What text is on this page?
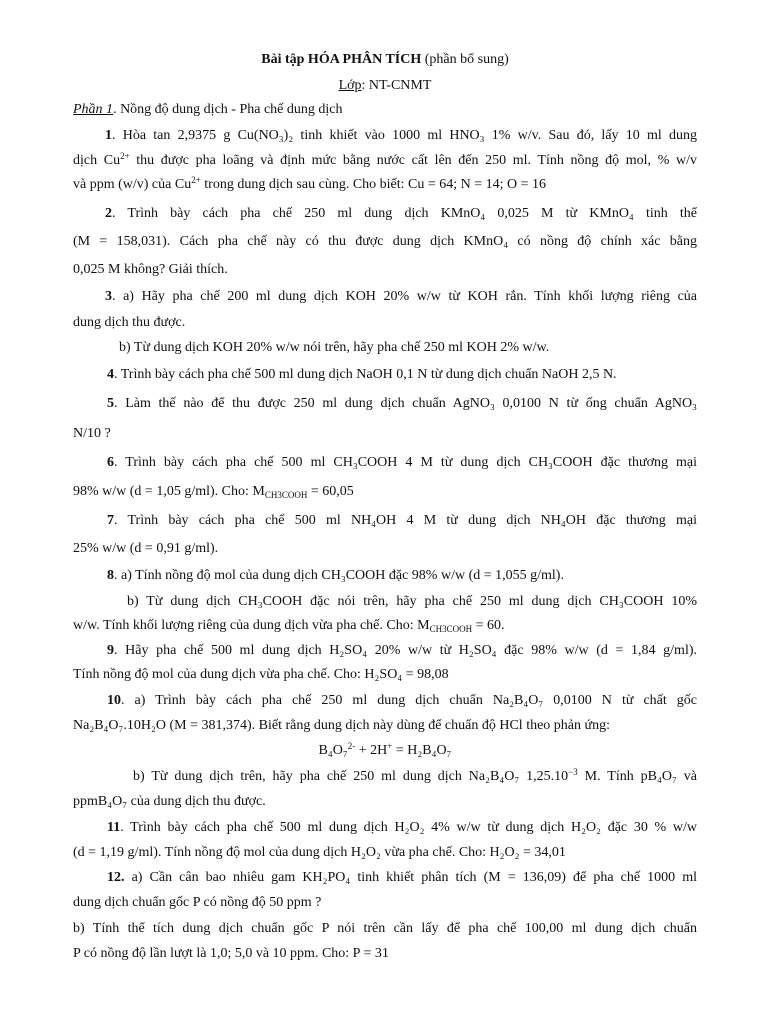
Bài tập HÓA PHÂN TÍCH (phần bổ sung)
Lớp: NT-CNMT
Phần 1. Nồng độ dung dịch - Pha chế dung dịch
1. Hòa tan 2,9375 g Cu(NO₃)₂ tinh khiết vào 1000 ml HNO₃ 1% w/v. Sau đó, lấy 10 ml dung
dịch $Cu^{2+}$ thu được pha loãng và định mức bằng nước cất lên đến 250 ml. Tính nồng độ mol, % w/v
và ppm (w/v) của $Cu^{2+}$ trong dung dịch sau cùng. Cho biết: Cu = 64; N = 14; O = 16
2. Trình bày cách pha chế 250 ml dung dịch KMnO₄ 0,025 M từ KMnO₄ tinh thể
(M = 158,031). Cách pha chế này có thu được dung dịch KMnO₄ có nồng độ chính xác bằng
0,025 M không? Giải thích.
3. a) Hãy pha chế 200 ml dung dịch KOH 20% w/w từ KOH rắn. Tính khối lượng riêng của
dung dịch thu được.
b) Từ dung dịch KOH 20% w/w nói trên, hãy pha chế 250 ml KOH 2% w/w.
4. Trình bày cách pha chế 500 ml dung dịch NaOH 0,1 N từ dung dịch chuẩn NaOH 2,5 N.
5. Làm thế nào để thu được 250 ml dung dịch chuẩn AgNO₃ 0,0100 N từ ống chuẩn AgNO₃
N/10 ?
6. Trình bày cách pha chế 500 ml CH₃COOH 4 M từ dung dịch CH₃COOH đặc thương mại
98% w/w (d = 1,05 g/ml). Cho: $M_{CH3COOH} = 60,05$
7. Trình bày cách pha chế 500 ml NH₄OH 4 M từ dung dịch NH₄OH đặc thương mại
25% w/w (d = 0,91 g/ml).
8. a) Tính nồng độ mol của dung dịch CH₃COOH đặc 98% w/w (d = 1,055 g/ml).
b) Từ dung dịch CH₃COOH đặc nói trên, hãy pha chế 250 ml dung dịch CH₃COOH 10%
w/w. Tính khối lượng riêng của dung dịch vừa pha chế. Cho: $M_{CH3COOH} = 60$.
9. Hãy pha chế 500 ml dung dịch H₂SO₄ 20% w/w từ H₂SO₄ đặc 98% w/w (d = 1,84 g/ml).
Tính nồng độ mol của dung dịch vừa pha chế. Cho: H₂SO₄ = 98,08
10. a) Trình bày cách pha chế 250 ml dung dịch chuẩn Na₂B₄O₇ 0,0100 N từ chất gốc
Na₂B₄O₇.10H₂O (M = 381,374). Biết rằng dung dịch này dùng để chuẩn độ HCl theo phản ứng:
B₄O₇$^{2-}$ + 2H+ = H₂B₄O₇
b) Từ dung dịch trên, hãy pha chế 250 ml dung dịch Na₂B₄O₇ $1,25.10^{-3}$ M. Tính pB₄O₇ và
ppmB₄O₇ của dung dịch thu được.
11. Trình bày cách pha chế 500 ml dung dịch H₂O₂ 4% w/w từ dung dịch H₂O₂ đặc 30 % w/w
(d = 1,19 g/ml). Tính nồng độ mol của dung dịch H₂O₂ vừa pha chế. Cho: H₂O₂ = 34,01
12. a) Cần cân bao nhiêu gam KH₂PO₄ tinh khiết phân tích (M = 136,09) để pha chế 1000 ml
dung dịch chuẩn gốc P có nồng độ 50 ppm ?
b) Tính thể tích dung dịch chuẩn gốc P nói trên cần lấy để pha chế 100,00 ml dung dịch chuẩn
P có nồng độ lần lượt là 1,0; 5,0 và 10 ppm. Cho: P = 31
